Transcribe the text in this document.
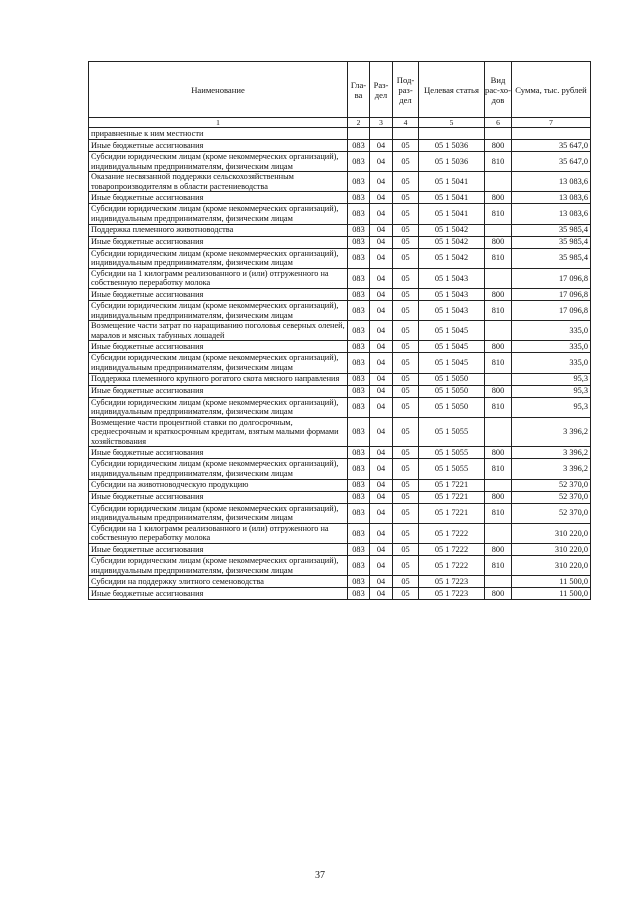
Наименование	Гла-ва	Раз-дел	Под-раз-дел	Целевая статья	Вид рас-хо-дов	Сумма, тыс. рублей
1	2	3	4	5	6	7
приравненные к ним местности						
Иные бюджетные ассигнования	083	04	05	05 1 5036	800	35 647,0
Субсидии юридическим лицам (кроме некоммерческих организаций), индивидуальным предпринимателям, физическим лицам	083	04	05	05 1 5036	810	35 647,0
Оказание несвязанной поддержки сельскохозяйственным товаропроизводителям в области растениеводства	083	04	05	05 1 5041		13 083,6
Иные бюджетные ассигнования	083	04	05	05 1 5041	800	13 083,6
Субсидии юридическим лицам (кроме некоммерческих организаций), индивидуальным предпринимателям, физическим лицам	083	04	05	05 1 5041	810	13 083,6
Поддержка племенного животноводства	083	04	05	05 1 5042		35 985,4
Иные бюджетные ассигнования	083	04	05	05 1 5042	800	35 985,4
Субсидии юридическим лицам (кроме некоммерческих организаций), индивидуальным предпринимателям, физическим лицам	083	04	05	05 1 5042	810	35 985,4
Субсидии на 1 килограмм реализованного и (или) отгруженного на собственную переработку молока	083	04	05	05 1 5043		17 096,8
Иные бюджетные ассигнования	083	04	05	05 1 5043	800	17 096,8
Субсидии юридическим лицам (кроме некоммерческих организаций), индивидуальным предпринимателям, физическим лицам	083	04	05	05 1 5043	810	17 096,8
Возмещение части затрат по наращиванию поголовья северных оленей, маралов и мясных табунных лошадей	083	04	05	05 1 5045		335,0
Иные бюджетные ассигнования	083	04	05	05 1 5045	800	335,0
Субсидии юридическим лицам (кроме некоммерческих организаций), индивидуальным предпринимателям, физическим лицам	083	04	05	05 1 5045	810	335,0
Поддержка племенного крупного рогатого скота мясного направления	083	04	05	05 1 5050		95,3
Иные бюджетные ассигнования	083	04	05	05 1 5050	800	95,3
Субсидии юридическим лицам (кроме некоммерческих организаций), индивидуальным предпринимателям, физическим лицам	083	04	05	05 1 5050	810	95,3
Возмещение части процентной ставки по долгосрочным, среднесрочным и краткосрочным кредитам, взятым малыми формами хозяйствования	083	04	05	05 1 5055		3 396,2
Иные бюджетные ассигнования	083	04	05	05 1 5055	800	3 396,2
Субсидии юридическим лицам (кроме некоммерческих организаций), индивидуальным предпринимателям, физическим лицам	083	04	05	05 1 5055	810	3 396,2
Субсидии на животноводческую продукцию	083	04	05	05 1 7221		52 370,0
Иные бюджетные ассигнования	083	04	05	05 1 7221	800	52 370,0
Субсидии юридическим лицам (кроме некоммерческих организаций), индивидуальным предпринимателям, физическим лицам	083	04	05	05 1 7221	810	52 370,0
Субсидии на 1 килограмм реализованного и (или) отгруженного на собственную переработку молока	083	04	05	05 1 7222		310 220,0
Иные бюджетные ассигнования	083	04	05	05 1 7222	800	310 220,0
Субсидии юридическим лицам (кроме некоммерческих организаций), индивидуальным предпринимателям, физическим лицам	083	04	05	05 1 7222	810	310 220,0
Субсидии на поддержку элитного семеноводства	083	04	05	05 1 7223		11 500,0
Иные бюджетные ассигнования	083	04	05	05 1 7223	800	11 500,0
37
